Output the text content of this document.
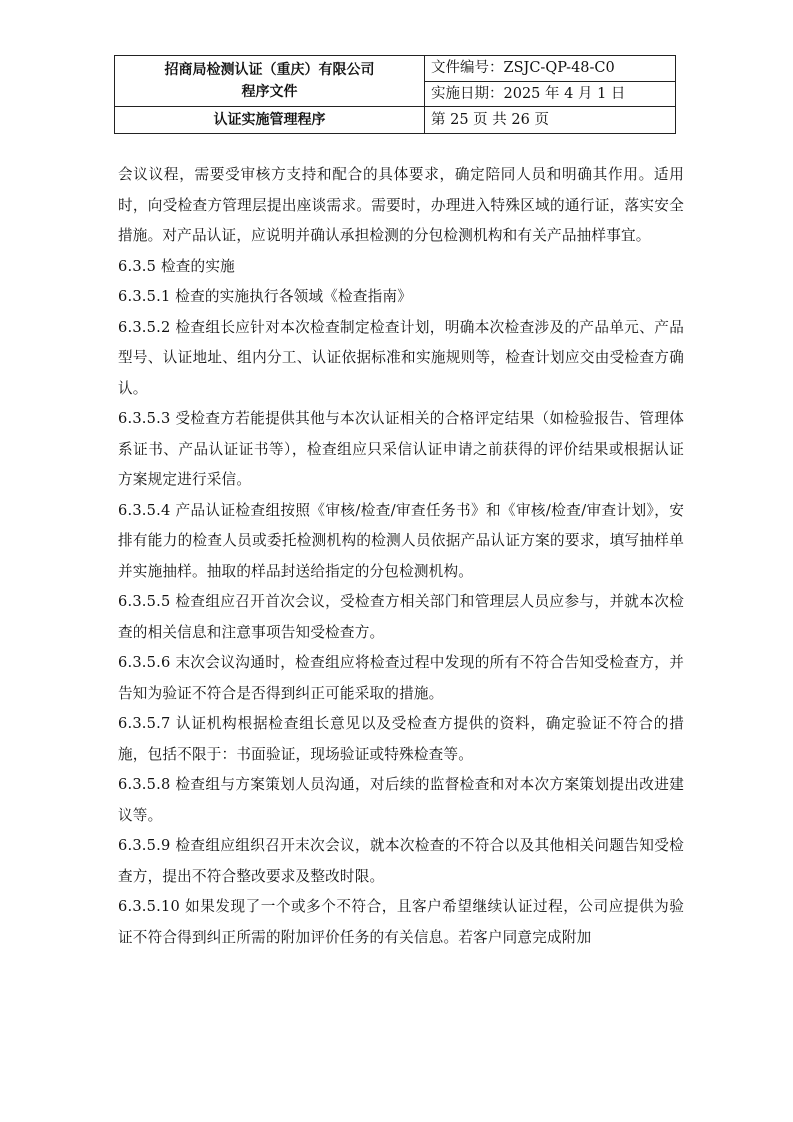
招商局检测认证（重庆）有限公司
程序文件	文件编号：ZSJC-QP-48-C0
	实施日期：2025 年 4 月 1 日
认证实施管理程序	第 25 页 共 26 页

会议议程，需要受审核方支持和配合的具体要求，确定陪同人员和明确其作用。适用时，向受检查方管理层提出座谈需求。需要时，办理进入特殊区域的通行证，落实安全措施。对产品认证，应说明并确认承担检测的分包检测机构和有关产品抽样事宜。

6.3.5 检查的实施

6.3.5.1 检查的实施执行各领域《检查指南》

6.3.5.2 检查组长应针对本次检查制定检查计划，明确本次检查涉及的产品单元、产品型号、认证地址、组内分工、认证依据标准和实施规则等，检查计划应交由受检查方确认。

6.3.5.3 受检查方若能提供其他与本次认证相关的合格评定结果（如检验报告、管理体系证书、产品认证证书等），检查组应只采信认证申请之前获得的评价结果或根据认证方案规定进行采信。

6.3.5.4 产品认证检查组按照《审核/检查/审查任务书》和《审核/检查/审查计划》，安排有能力的检查人员或委托检测机构的检测人员依据产品认证方案的要求，填写抽样单并实施抽样。抽取的样品封送给指定的分包检测机构。

6.3.5.5 检查组应召开首次会议，受检查方相关部门和管理层人员应参与，并就本次检查的相关信息和注意事项告知受检查方。

6.3.5.6 末次会议沟通时，检查组应将检查过程中发现的所有不符合告知受检查方，并告知为验证不符合是否得到纠正可能采取的措施。

6.3.5.7 认证机构根据检查组长意见以及受检查方提供的资料，确定验证不符合的措施，包括不限于：书面验证，现场验证或特殊检查等。

6.3.5.8 检查组与方案策划人员沟通，对后续的监督检查和对本次方案策划提出改进建议等。

6.3.5.9 检查组应组织召开末次会议，就本次检查的不符合以及其他相关问题告知受检查方，提出不符合整改要求及整改时限。

6.3.5.10 如果发现了一个或多个不符合，且客户希望继续认证过程，公司应提供为验证不符合得到纠正所需的附加评价任务的有关信息。若客户同意完成附加
